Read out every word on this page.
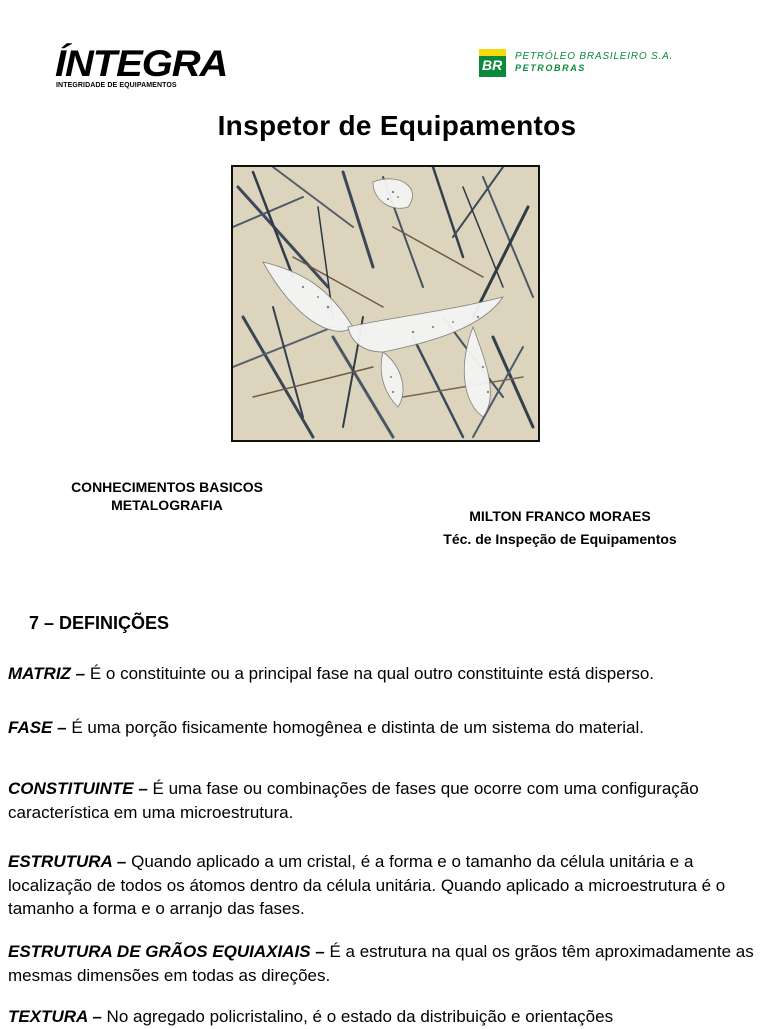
ÍNTEGRA
INTEGRIDADE DE EQUIPAMENTOS
BR
PETRÓLEO BRASILEIRO S.A.
PETROBRAS
Inspetor de Equipamentos
CONHECIMENTOS BASICOS
METALOGRAFIA
MILTON FRANCO MORAES
Téc. de Inspeção de Equipamentos
7 – DEFINIÇÕES
MATRIZ – É o constituinte ou a principal fase na qual outro constituinte está disperso.
FASE – É uma porção fisicamente homogênea e distinta de um sistema do material.
CONSTITUINTE – É uma fase ou combinações de fases que ocorre com uma configuração característica em uma microestrutura.
ESTRUTURA – Quando aplicado a um cristal, é a forma e o tamanho da célula unitária e a localização de todos os átomos dentro da célula unitária. Quando aplicado a microestrutura é o tamanho a forma e o arranjo das fases.
ESTRUTURA DE GRÃOS EQUIAXIAIS – É a estrutura na qual os grãos têm aproximadamente as mesmas dimensões em todas as direções.
TEXTURA – No agregado policristalino, é o estado da distribuição e orientações
